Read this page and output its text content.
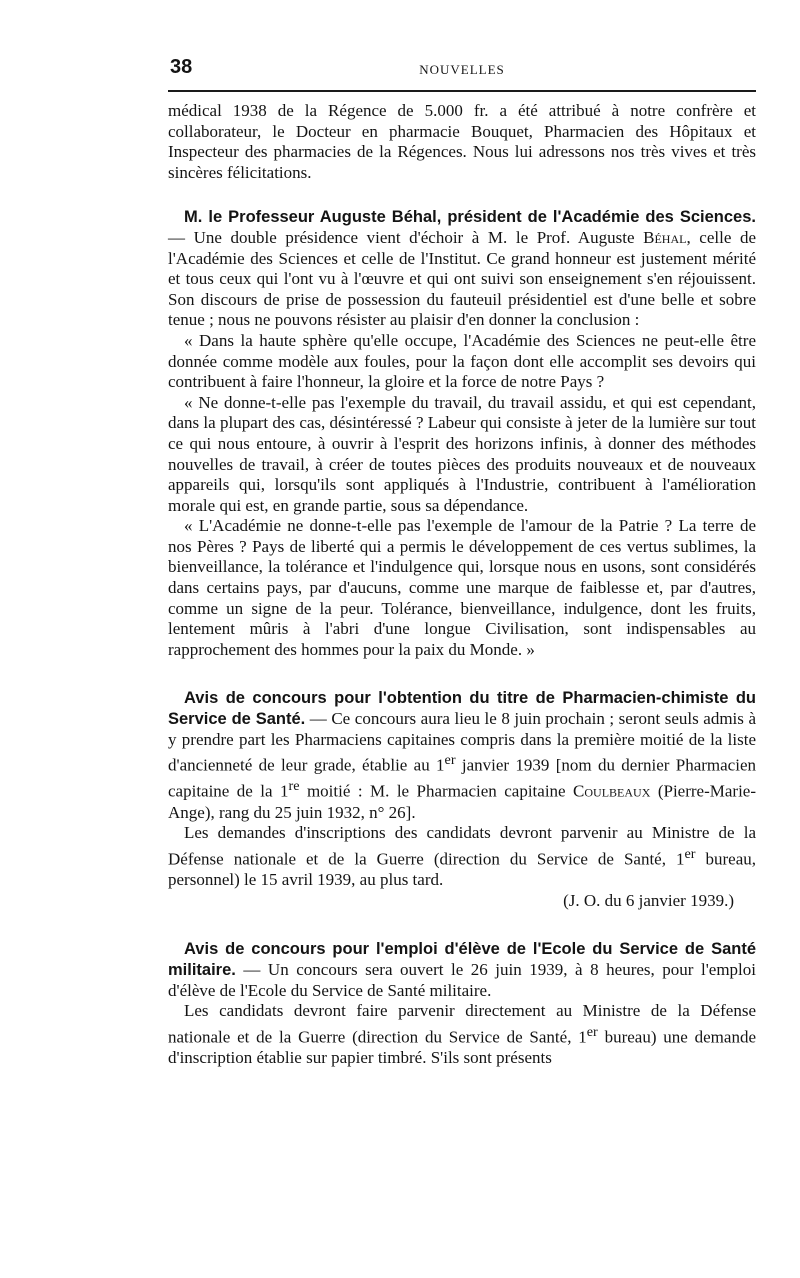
38	NOUVELLES

médical 1938 de la Régence de 5.000 fr. a été attribué à notre confrère et collaborateur, le Docteur en pharmacie Bouquet, Pharmacien des Hôpitaux et Inspecteur des pharmacies de la Régences. Nous lui adressons nos très vives et très sincères félicitations.

M. le Professeur Auguste Béhal, président de l'Académie des Sciences. — Une double présidence vient d'échoir à M. le Prof. Auguste Béhal, celle de l'Académie des Sciences et celle de l'Institut. Ce grand honneur est justement mérité et tous ceux qui l'ont vu à l'œuvre et qui ont suivi son enseignement s'en réjouissent. Son discours de prise de possession du fauteuil présidentiel est d'une belle et sobre tenue ; nous ne pouvons résister au plaisir d'en donner la conclusion :

« Dans la haute sphère qu'elle occupe, l'Académie des Sciences ne peut-elle être donnée comme modèle aux foules, pour la façon dont elle accomplit ses devoirs qui contribuent à faire l'honneur, la gloire et la force de notre Pays ?

« Ne donne-t-elle pas l'exemple du travail, du travail assidu, et qui est cependant, dans la plupart des cas, désintéressé ? Labeur qui consiste à jeter de la lumière sur tout ce qui nous entoure, à ouvrir à l'esprit des horizons infinis, à donner des méthodes nouvelles de travail, à créer de toutes pièces des produits nouveaux et de nouveaux appareils qui, lorsqu'ils sont appliqués à l'Industrie, contribuent à l'amélioration morale qui est, en grande partie, sous sa dépendance.

« L'Académie ne donne-t-elle pas l'exemple de l'amour de la Patrie ? La terre de nos Pères ? Pays de liberté qui a permis le développement de ces vertus sublimes, la bienveillance, la tolérance et l'indulgence qui, lorsque nous en usons, sont considérés dans certains pays, par d'aucuns, comme une marque de faiblesse et, par d'autres, comme un signe de la peur. Tolérance, bienveillance, indulgence, dont les fruits, lentement mûris à l'abri d'une longue Civilisation, sont indispensables au rapprochement des hommes pour la paix du Monde. »

Avis de concours pour l'obtention du titre de Pharmacien-chimiste du Service de Santé. — Ce concours aura lieu le 8 juin prochain ; seront seuls admis à y prendre part les Pharmaciens capitaines compris dans la première moitié de la liste d'ancienneté de leur grade, établie au 1er janvier 1939 [nom du dernier Pharmacien capitaine de la 1re moitié : M. le Pharmacien capitaine Coulbeaux (Pierre-Marie-Ange), rang du 25 juin 1932, n° 26].

Les demandes d'inscriptions des candidats devront parvenir au Ministre de la Défense nationale et de la Guerre (direction du Service de Santé, 1er bureau, personnel) le 15 avril 1939, au plus tard.

(J. O. du 6 janvier 1939.)

Avis de concours pour l'emploi d'élève de l'Ecole du Service de Santé militaire. — Un concours sera ouvert le 26 juin 1939, à 8 heures, pour l'emploi d'élève de l'Ecole du Service de Santé militaire.

Les candidats devront faire parvenir directement au Ministre de la Défense nationale et de la Guerre (direction du Service de Santé, 1er bureau) une demande d'inscription établie sur papier timbré. S'ils sont présents
